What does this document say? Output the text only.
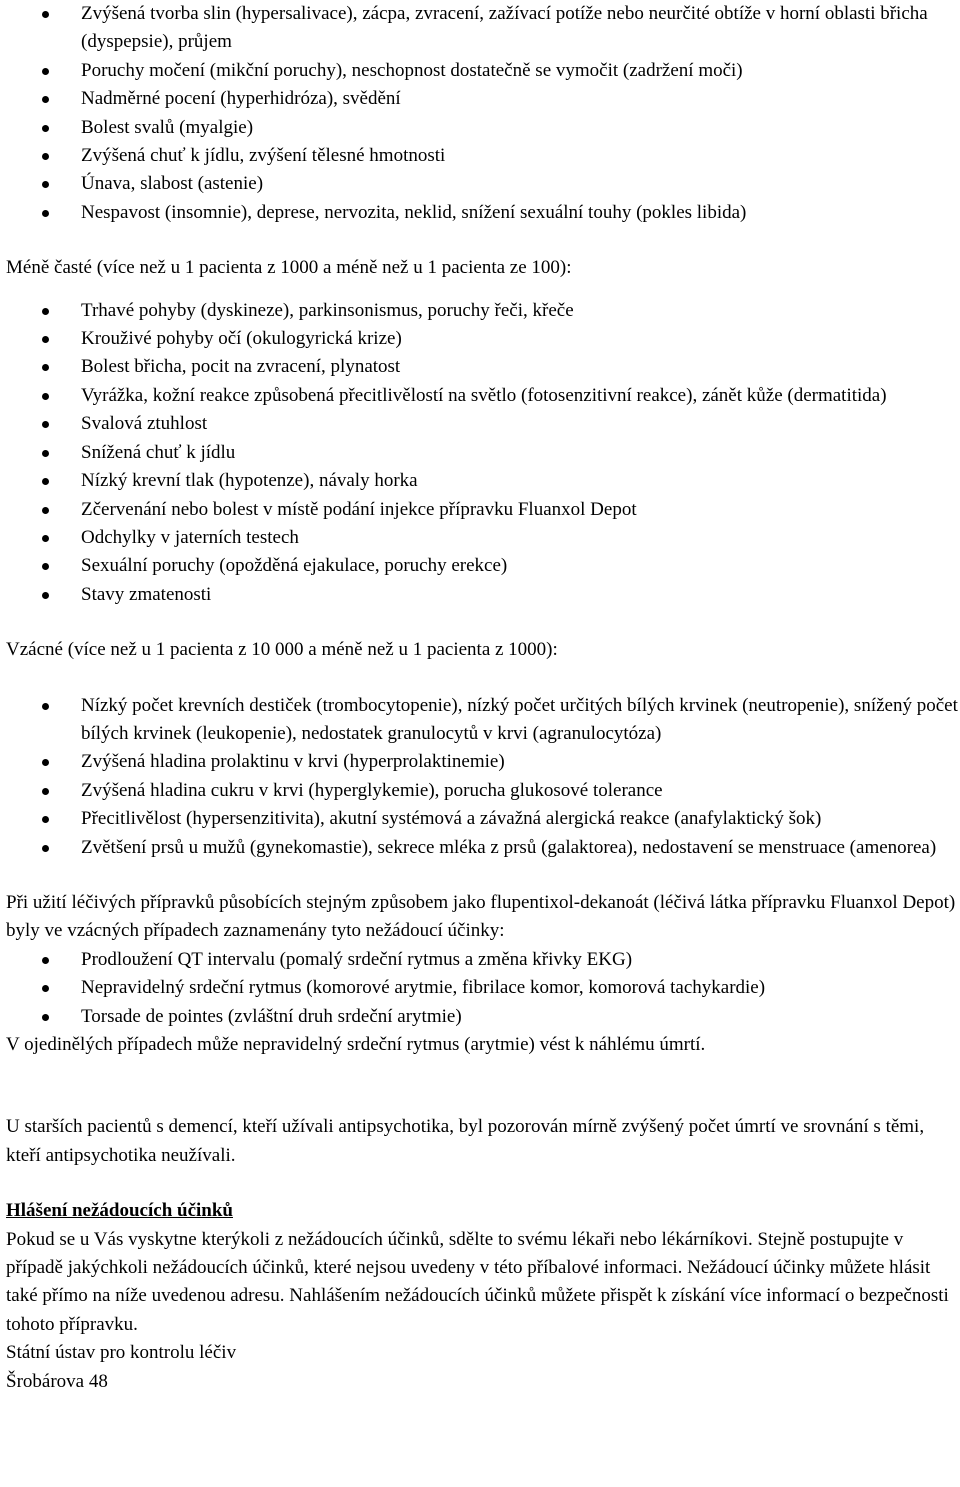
Zvýšená tvorba slin (hypersalivace), zácpa, zvracení, zažívací potíže nebo neurčité obtíže v horní oblasti břicha (dyspepsie), průjem
Poruchy močení (mikční poruchy), neschopnost dostatečně se vymočit (zadržení moči)
Nadměrné pocení (hyperhidróza), svědění
Bolest svalů (myalgie)
Zvýšená chuť k jídlu, zvýšení tělesné hmotnosti
Únava, slabost (astenie)
Nespavost (insomnie), deprese, nervozita, neklid, snížení sexuální touhy (pokles libida)

Méně časté (více než u 1 pacienta z 1000 a méně než u 1 pacienta ze 100):

Trhavé pohyby (dyskineze), parkinsonismus, poruchy řeči, křeče
Krouživé pohyby očí (okulogyrická krize)
Bolest břicha, pocit na zvracení, plynatost
Vyrážka, kožní reakce způsobená přecitlivělostí na světlo (fotosenzitivní reakce), zánět kůže (dermatitida)
Svalová ztuhlost
Snížená chuť k jídlu
Nízký krevní tlak (hypotenze), návaly horka
Zčervenání nebo bolest v místě podání injekce přípravku Fluanxol Depot
Odchylky v jaterních testech
Sexuální poruchy (opožděná ejakulace, poruchy erekce)
Stavy zmatenosti

Vzácné (více než u 1 pacienta z 10 000 a méně než u 1 pacienta z 1000):

Nízký počet krevních destiček (trombocytopenie), nízký počet určitých bílých krvinek (neutropenie), snížený počet bílých krvinek (leukopenie), nedostatek granulocytů v krvi (agranulocytóza)
Zvýšená hladina prolaktinu v krvi (hyperprolaktinemie)
Zvýšená hladina cukru v krvi (hyperglykemie), porucha glukosové tolerance
Přecitlivělost (hypersenzitivita), akutní systémová a závažná alergická reakce (anafylaktický šok)
Zvětšení prsů u mužů (gynekomastie), sekrece mléka z prsů (galaktorea), nedostavení se menstruace (amenorea)

Při užití léčivých přípravků působících stejným způsobem jako flupentixol-dekanoát (léčivá látka přípravku Fluanxol Depot) byly ve vzácných případech zaznamenány tyto nežádoucí účinky:

Prodloužení QT intervalu (pomalý srdeční rytmus a změna křivky EKG)
Nepravidelný srdeční rytmus (komorové arytmie, fibrilace komor, komorová tachykardie)
Torsade de pointes (zvláštní druh srdeční arytmie)

V ojedinělých případech může nepravidelný srdeční rytmus (arytmie) vést k náhlému úmrtí.

U starších pacientů s demencí, kteří užívali antipsychotika, byl pozorován mírně zvýšený počet úmrtí ve srovnání s těmi, kteří antipsychotika neužívali.

Hlášení nežádoucích účinků

Pokud se u Vás vyskytne kterýkoli z nežádoucích účinků, sdělte to svému lékaři nebo lékárníkovi. Stejně postupujte v případě jakýchkoli nežádoucích účinků, které nejsou uvedeny v této příbalové informaci. Nežádoucí účinky můžete hlásit také přímo na níže uvedenou adresu. Nahlášením nežádoucích účinků můžete přispět k získání více informací o bezpečnosti tohoto přípravku.

Státní ústav pro kontrolu léčiv

Šrobárova 48
